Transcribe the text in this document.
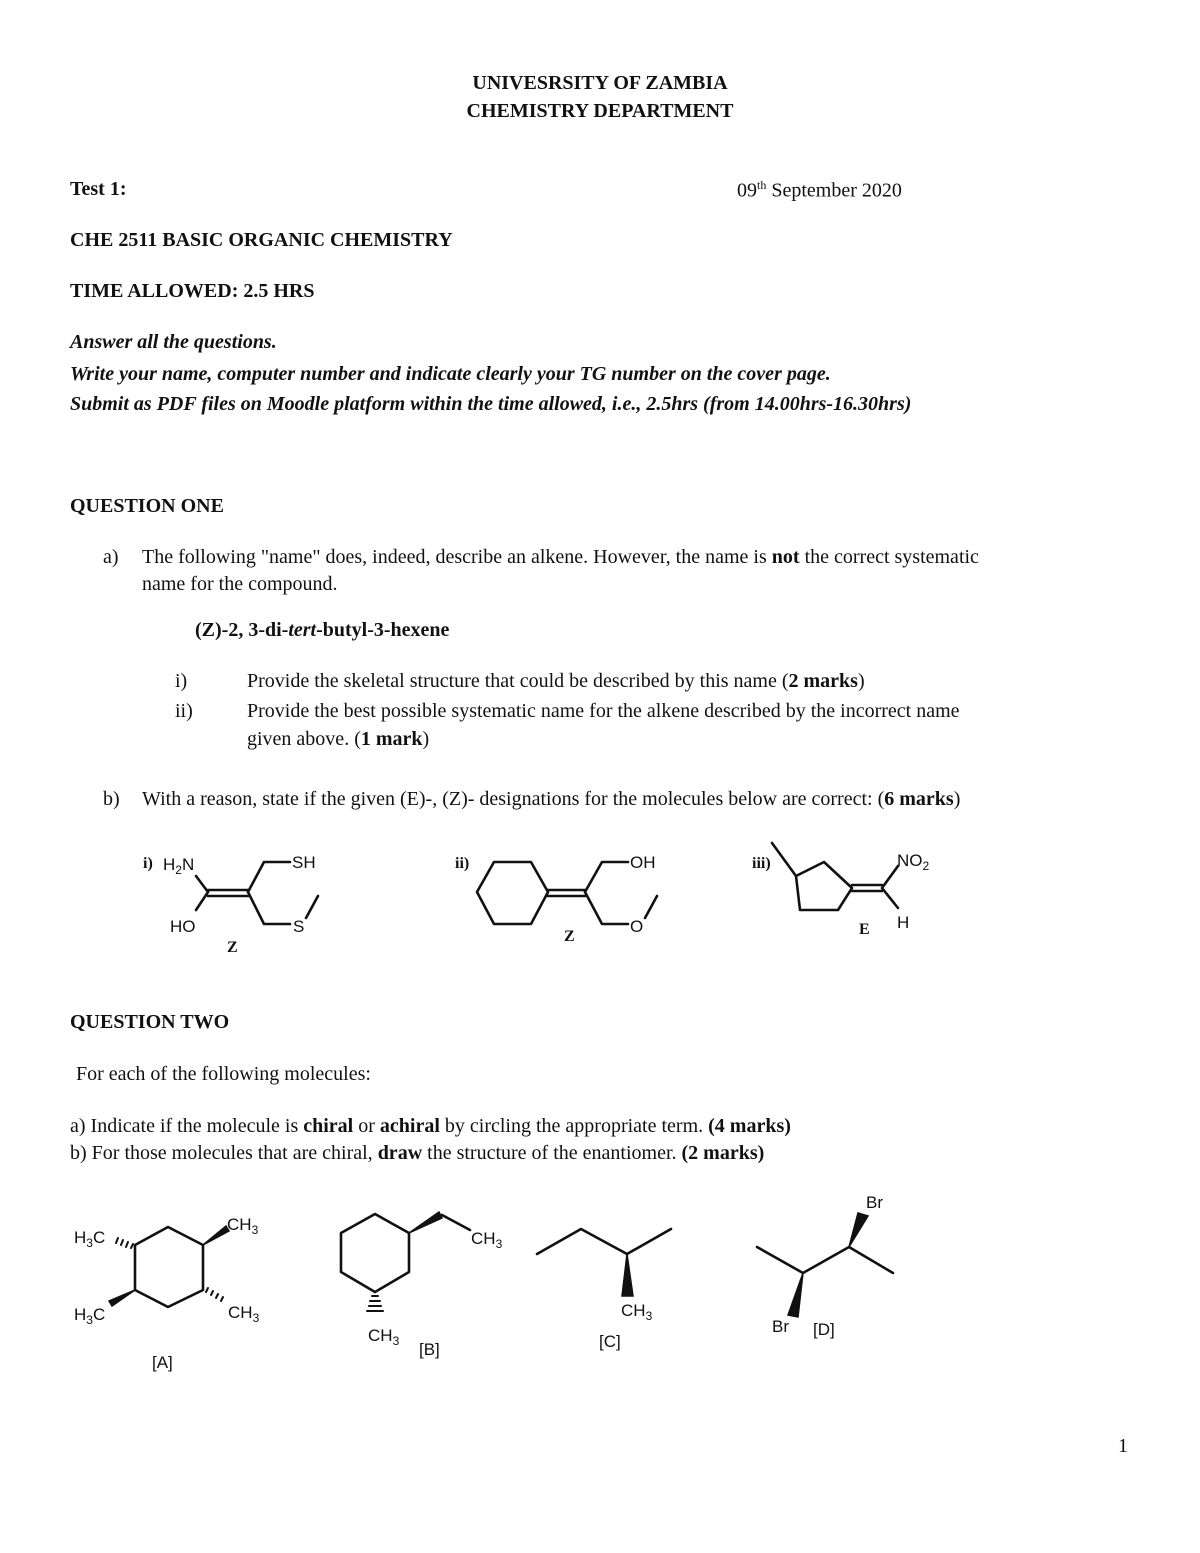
UNIVESRSITY OF ZAMBIA
CHEMISTRY DEPARTMENT
Test 1:	09th September 2020
CHE 2511 BASIC ORGANIC CHEMISTRY
TIME ALLOWED: 2.5 HRS
Answer all the questions.
Write your name, computer number and indicate clearly your TG number on the cover page.
Submit as PDF files on Moodle platform within the time allowed, i.e., 2.5hrs (from 14.00hrs-16.30hrs)
QUESTION ONE
a) The following "name" does, indeed, describe an alkene. However, the name is not the correct systematic
name for the compound.
(Z)-2, 3-di-tert-butyl-3-hexene
i)	Provide the skeletal structure that could be described by this name (2 marks)
ii)	Provide the best possible systematic name for the alkene described by the incorrect name
given above. (1 mark)
b) With a reason, state if the given (E)-, (Z)- designations for the molecules below are correct: (6 marks)
i) $H_2N$	SH
HO	S
Z
ii)	OH
O
Z
iii)	$NO_2$
H
E
QUESTION TWO
For each of the following molecules:
a) Indicate if the molecule is chiral or achiral by circling the appropriate term. (4 marks)
b) For those molecules that are chiral, draw the structure of the enantiomer. (2 marks)
$H_3C$
$H_3C$
$CH_3$
$CH_3$
[A]
$CH_3$
$CH_3$ [B]
$CH_3$
[C]
Br
Br [D]
1
